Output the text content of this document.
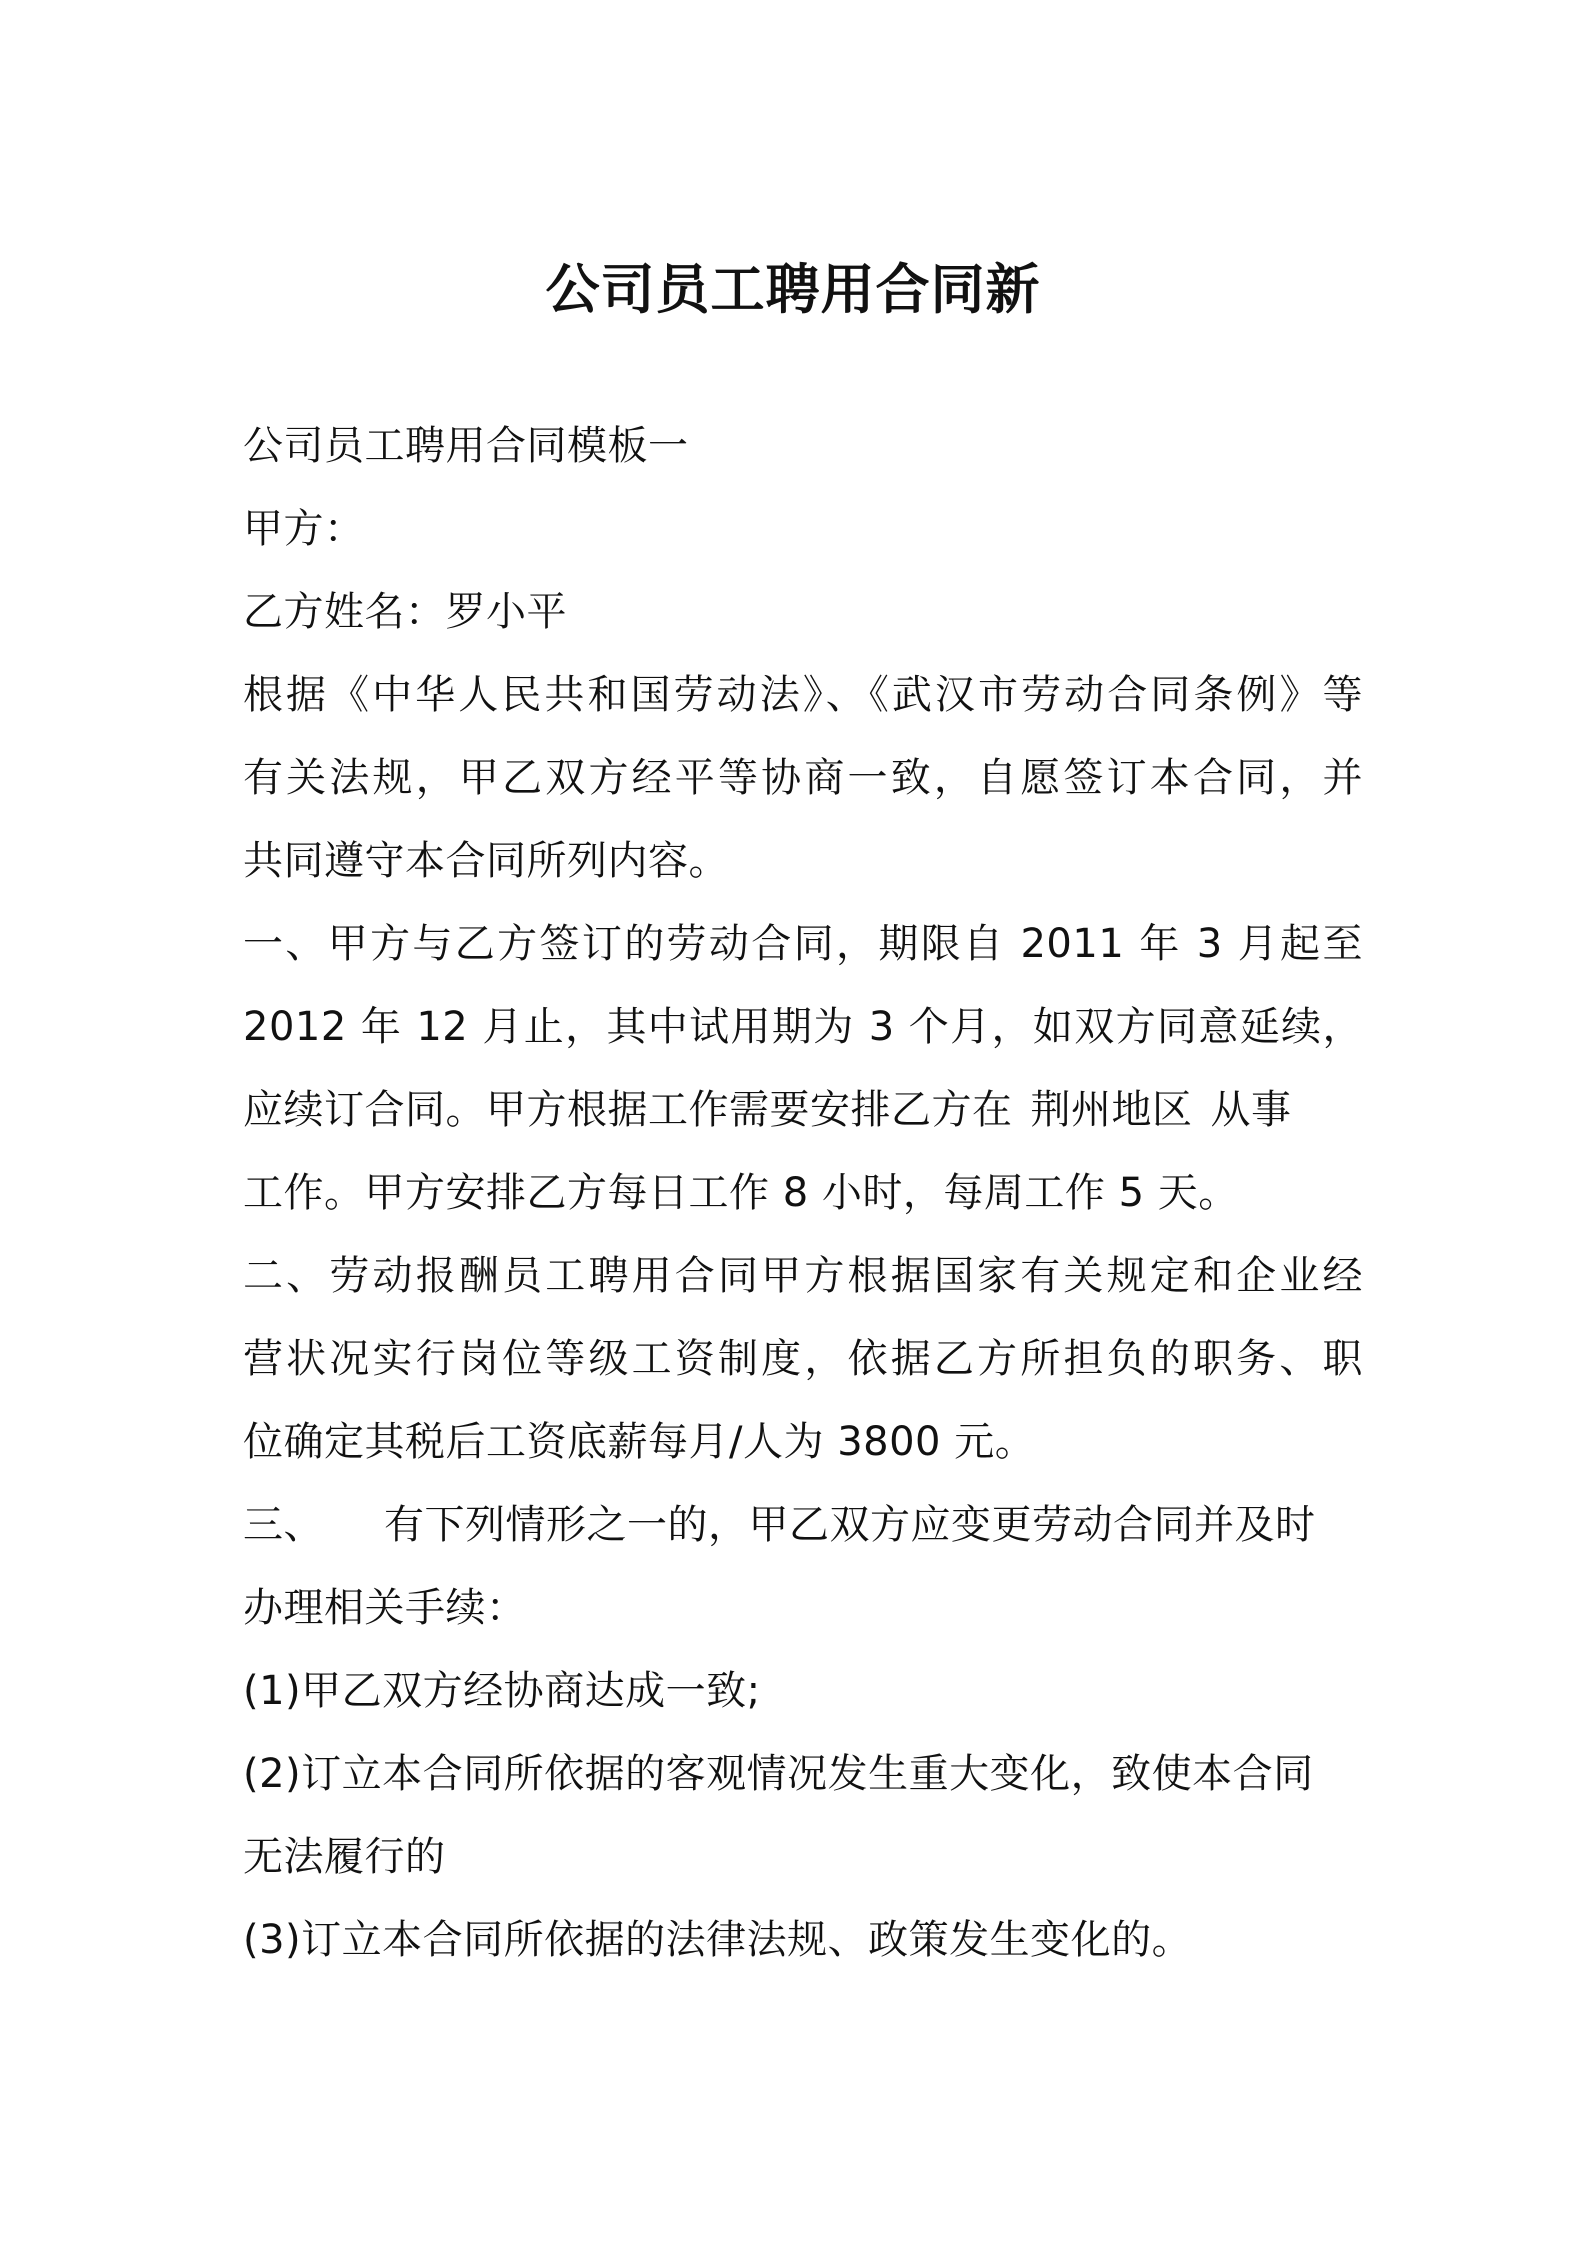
公司员工聘用合同新

公司员工聘用合同模板一

甲方：

乙方姓名：罗小平

根据《中华人民共和国劳动法》、《武汉市劳动合同条例》等

有关法规，甲乙双方经平等协商一致，自愿签订本合同，并

共同遵守本合同所列内容。

一、甲方与乙方签订的劳动合同，期限自 2011 年 3 月起至

2012 年 12 月止，其中试用期为 3 个月，如双方同意延续，

应续订合同。甲方根据工作需要安排乙方在 荆州地区 从事

工作。甲方安排乙方每日工作 8 小时，每周工作 5 天。

二、劳动报酬员工聘用合同甲方根据国家有关规定和企业经

营状况实行岗位等级工资制度，依据乙方所担负的职务、职

位确定其税后工资底薪每月/人为 3800 元。

三、 有下列情形之一的，甲乙双方应变更劳动合同并及时

办理相关手续：

(1)甲乙双方经协商达成一致;

(2)订立本合同所依据的客观情况发生重大变化，致使本合同

无法履行的

(3)订立本合同所依据的法律法规、政策发生变化的。
